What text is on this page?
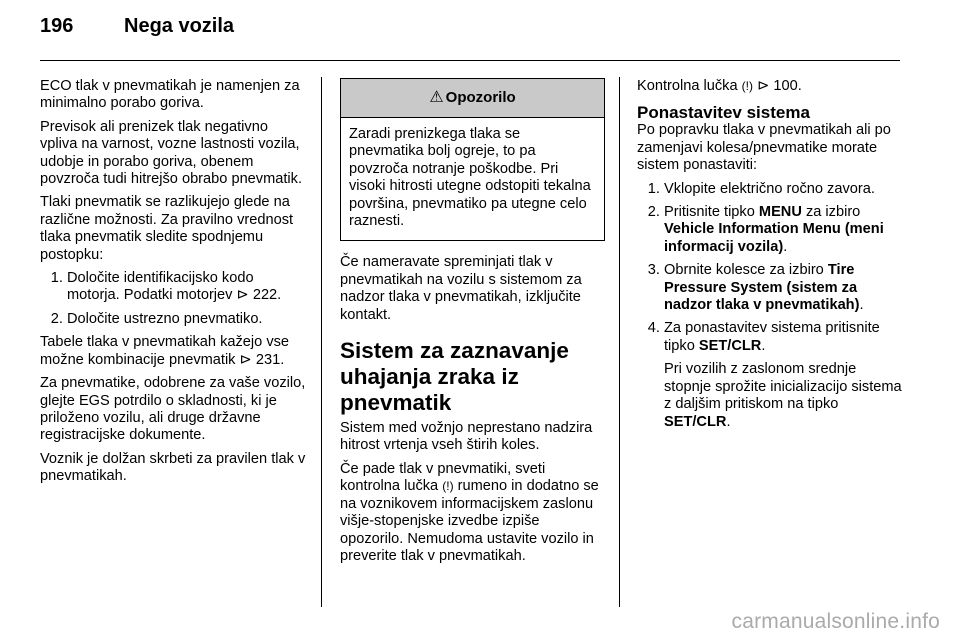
196	Nega vozila

ECO tlak v pnevmatikah je namenjen za minimalno porabo goriva.

Previsok ali prenizek tlak negativno vpliva na varnost, vozne lastnosti vozila, udobje in porabo goriva, obenem povzroča tudi hitrejšo obrabo pnevmatik.

Tlaki pnevmatik se razlikujejo glede na različne možnosti. Za pravilno vrednost tlaka pnevmatik sledite spodnjemu postopku:

1. Določite identifikacijsko kodo motorja. Podatki motorjev ⊳ 222.
2. Določite ustrezno pnevmatiko.

Tabele tlaka v pnevmatikah kažejo vse možne kombinacije pnevmatik ⊳ 231.

Za pnevmatike, odobrene za vaše vozilo, glejte EGS potrdilo o skladnosti, ki je priloženo vozilu, ali druge državne registracijske dokumente.

Voznik je dolžan skrbeti za pravilen tlak v pnevmatikah.

⚠ Opozorilo
Zaradi prenizkega tlaka se pnevmatika bolj ogreje, to pa povzroča notranje poškodbe. Pri visoki hitrosti utegne odstopiti tekalna površina, pnevmatiko pa utegne celo raznesti.

Če nameravate spreminjati tlak v pnevmatikah na vozilu s sistemom za nadzor tlaka v pnevmatikah, izključite kontakt.

Sistem za zaznavanje uhajanja zraka iz pnevmatik

Sistem med vožnjo neprestano nadzira hitrost vrtenja vseh štirih koles.

Če pade tlak v pnevmatiki, sveti kontrolna lučka (!) rumeno in dodatno se na voznikovem informacijskem zaslonu višje-stopenjske izvedbe izpiše opozorilo. Nemudoma ustavite vozilo in preverite tlak v pnevmatikah.

Kontrolna lučka (!) ⊳ 100.

Ponastavitev sistema

Po popravku tlaka v pnevmatikah ali po zamenjavi kolesa/pnevmatike morate sistem ponastaviti:

1. Vklopite električno ročno zavora.
2. Pritisnite tipko MENU za izbiro Vehicle Information Menu (meni informacij vozila).
3. Obrnite kolesce za izbiro Tire Pressure System (sistem za nadzor tlaka v pnevmatikah).
4. Za ponastavitev sistema pritisnite tipko SET/CLR.
Pri vozilih z zaslonom srednje stopnje sprožite inicializacijo sistema z daljšim pritiskom na tipko SET/CLR.
carmanualsonline.info
